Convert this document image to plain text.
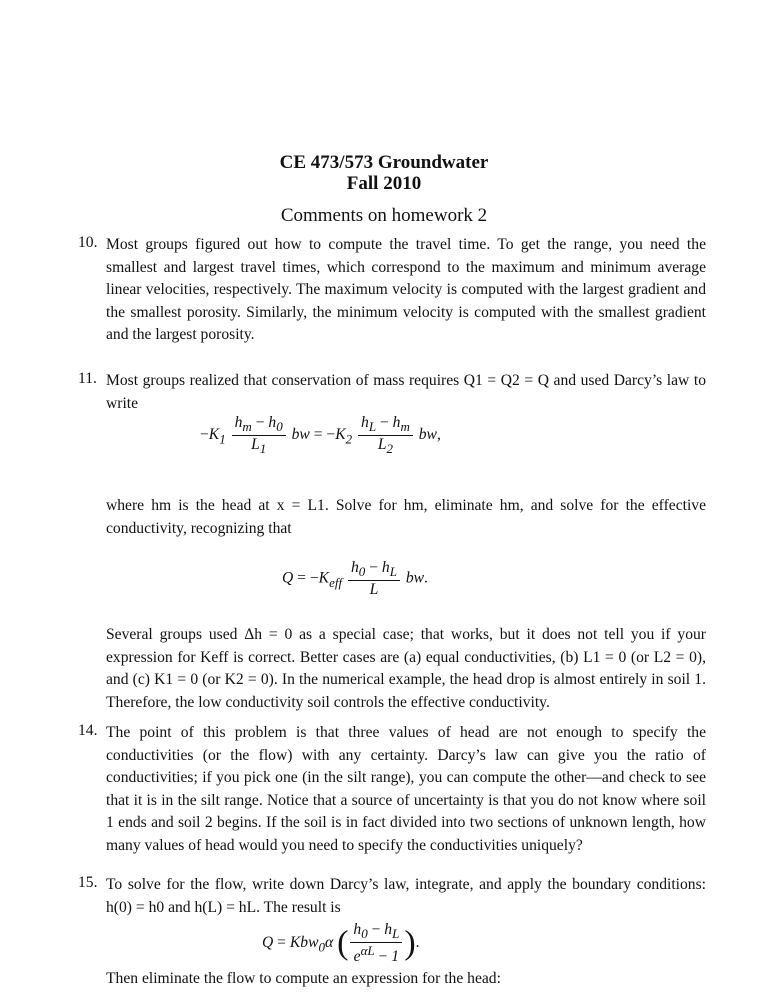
CE 473/573 Groundwater
Fall 2010
Comments on homework 2
10. Most groups figured out how to compute the travel time. To get the range, you need the smallest and largest travel times, which correspond to the maximum and minimum average linear velocities, respectively. The maximum velocity is computed with the largest gradient and the smallest porosity. Similarly, the minimum velocity is computed with the smallest gradient and the largest porosity.
11. Most groups realized that conservation of mass requires Q1 = Q2 = Q and used Darcy’s law to write
$-K_1 \frac{h_m - h_0}{L_1}$ bw = $-K_2 \frac{h_L - h_m}{L_2}$ bw,
where hm is the head at x = L1. Solve for hm, eliminate hm, and solve for the effective conductivity, recognizing that
$Q = -K_{eff} \frac{h_0 - h_L}{L}$ bw.
Several groups used Δh = 0 as a special case; that works, but it does not tell you if your expression for Keff is correct. Better cases are (a) equal conductivities, (b) L1 = 0 (or L2 = 0), and (c) K1 = 0 (or K2 = 0). In the numerical example, the head drop is almost entirely in soil 1. Therefore, the low conductivity soil controls the effective conductivity.
14. The point of this problem is that three values of head are not enough to specify the conductivities (or the flow) with any certainty. Darcy’s law can give you the ratio of conductivities; if you pick one (in the silt range), you can compute the other—and check to see that it is in the silt range. Notice that a source of uncertainty is that you do not know where soil 1 ends and soil 2 begins. If the soil is in fact divided into two sections of unknown length, how many values of head would you need to specify the conductivities uniquely?
15. To solve for the flow, write down Darcy’s law, integrate, and apply the boundary conditions: h(0) = h0 and h(L) = hL. The result is
Q = Kbw$_0$α ( $\frac{h_0 - h_L}{e^{\alpha L} - 1}$ ).
Then eliminate the flow to compute an expression for the head:
